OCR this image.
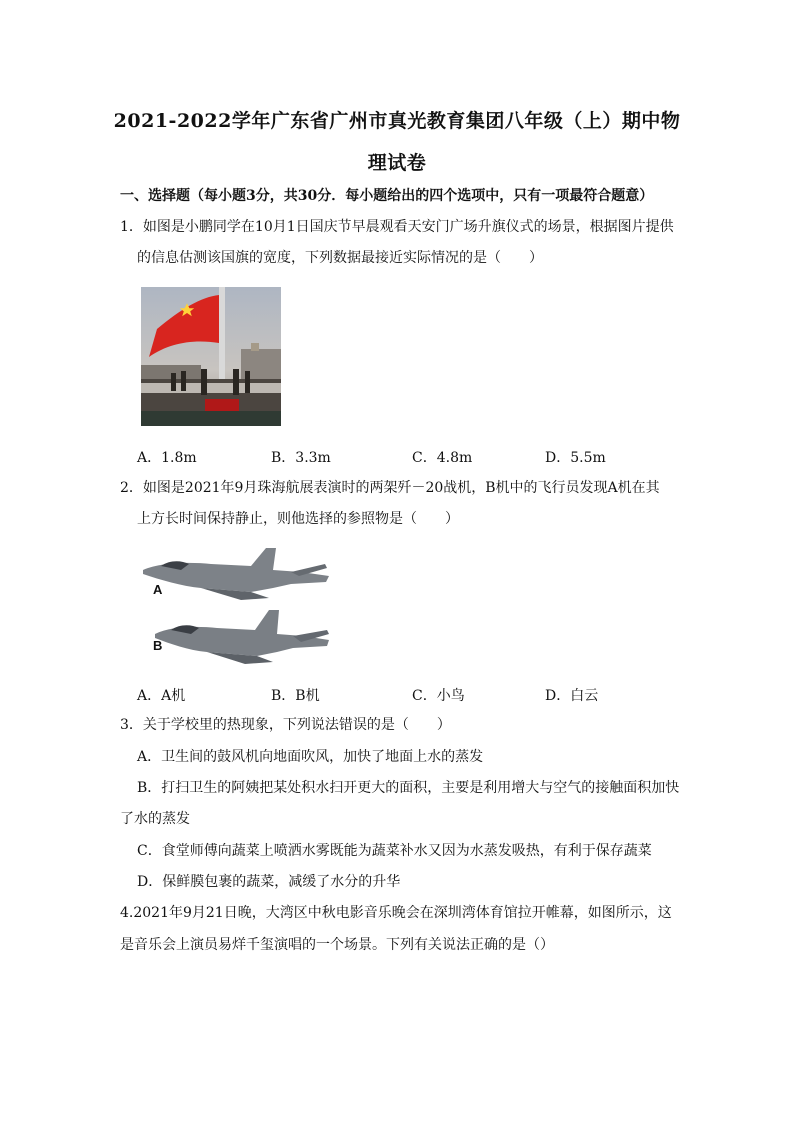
2021-2022学年广东省广州市真光教育集团八年级（上）期中物
理试卷
一、选择题（每小题3分，共30分．每小题给出的四个选项中，只有一项最符合题意）
1．如图是小鹏同学在10月1日国庆节早晨观看天安门广场升旗仪式的场景，根据图片提供
的信息估测该国旗的宽度，下列数据最接近实际情况的是（　　）
A．1.8m	B．3.3m	C．4.8m	D．5.5m
2．如图是2021年9月珠海航展表演时的两架歼－20战机，B机中的飞行员发现A机在其
上方长时间保持静止，则他选择的参照物是（　　）
A
B
A．A机	B．B机	C．小鸟	D．白云
3．关于学校里的热现象，下列说法错误的是（　　）
A．卫生间的鼓风机向地面吹风，加快了地面上水的蒸发
B．打扫卫生的阿姨把某处积水扫开更大的面积，主要是利用增大与空气的接触面积加快
了水的蒸发
C．食堂师傅向蔬菜上喷洒水雾既能为蔬菜补水又因为水蒸发吸热，有利于保存蔬菜
D．保鲜膜包裹的蔬菜，减缓了水分的升华
4.2021年9月21日晚，大湾区中秋电影音乐晚会在深圳湾体育馆拉开帷幕，如图所示，这
是音乐会上演员易烊千玺演唱的一个场景。下列有关说法正确的是（）
